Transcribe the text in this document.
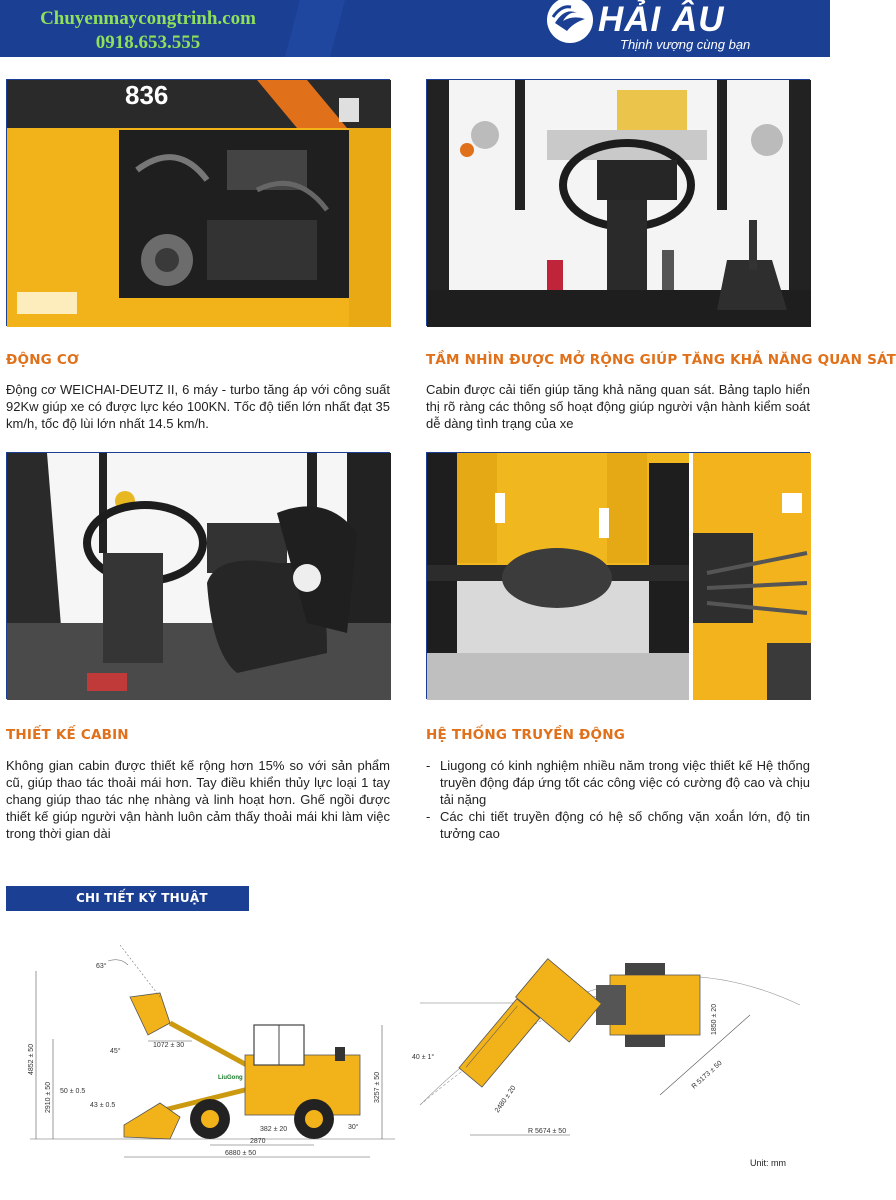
Chuyenmaycongtrinh.com
0918.653.555
HẢI ÂU
Thịnh vượng cùng bạn
836
ĐỘNG CƠ
Động cơ WEICHAI-DEUTZ II, 6 máy - turbo tăng áp với công suất 92Kw giúp xe có được lực kéo 100KN. Tốc độ tiến lớn nhất đạt 35 km/h, tốc độ lùi lớn nhất 14.5 km/h.
TẦM NHÌN ĐƯỢC MỞ RỘNG GIÚP TĂNG KHẢ NĂNG QUAN SÁT
Cabin được cải tiến giúp tăng khả năng quan sát. Bảng taplo hiển thị rõ ràng các thông số hoạt động giúp người vận hành kiểm soát dễ dàng tình trạng của xe
THIẾT KẾ CABIN
Không gian cabin được thiết kế rộng hơn 15% so với sản phẩm cũ, giúp thao tác thoải mái hơn. Tay điều khiển thủy lực loại 1 tay chang giúp thao tác nhẹ nhàng và linh hoạt hơn. Ghế ngồi được thiết kế giúp người vận hành luôn cảm thấy thoải mái khi làm việc trong thời gian dài
HỆ THỐNG TRUYỀN ĐỘNG
- Liugong có kinh nghiệm nhiều năm trong việc thiết kế Hệ thống truyền động đáp ứng tốt các công việc có cường độ cao và chịu tải nặng
- Các chi tiết truyền động có hệ số chống vặn xoắn lớn, độ tin tưởng cao
CHI TIẾT KỸ THUẬT
63°
45°
LiuGong
4852 ± 50
2910 ± 50	3257 ± 50
50 ± 0.5
43 ± 0.5
1072 ± 30
382 ± 20	30°
2870
6880 ± 50
40 ± 1°
2480 ± 20
1850 ± 20
R 5674 ± 50
R 5173 ± 50
Unit: mm
